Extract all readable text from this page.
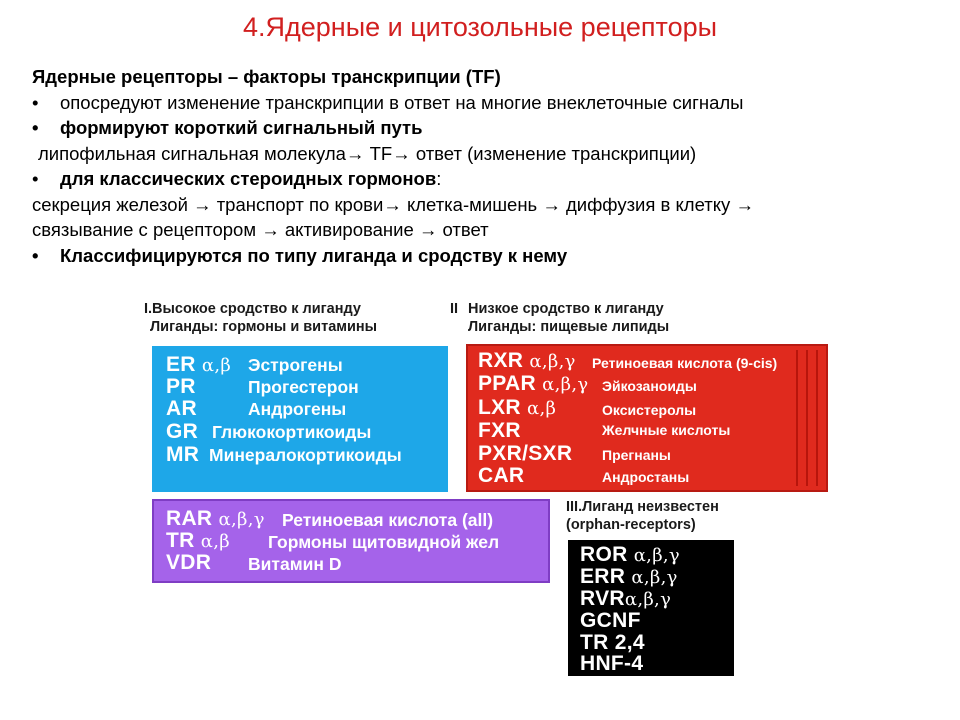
4.Ядерные и цитозольные рецепторы
Ядерные рецепторы – факторы транскрипции (TF)
• опосредуют изменение транскрипции в ответ на многие внеклеточные сигналы
• формируют короткий сигнальный путь
липофильная сигнальная молекула→ TF→ ответ (изменение транскрипции)
• для классических стероидных гормонов:
секреция железой → транспорт по крови→ клетка-мишень → диффузия в клетку →
связывание с рецептором → активирование → ответ
• Классифицируются по типу лиганда и сродству к нему
I.Высокое сродство к лиганду
Лиганды: гормоны и витамины
II Низкое сродство к лиганду
Лиганды: пищевые липиды
III.Лиганд неизвестен
(orphan-receptors)
ER α,β
PR
AR
GR
MR
Эстрогены
Прогестерон
Андрогены
Глюкокортикоиды
Минералокортикоиды
RXR α,β,γ
PPAR α,β,γ
LXR α,β
FXR
PXR/SXR
CAR
Ретиноевая кислота (9-cis)
Эйкозаноиды
Оксистеролы
Желчные кислоты
Прегнаны
Андростаны
RAR α,β,γ
TR α,β
VDR
Ретиноевая кислота (all)
Гормоны щитовидной жел
Витамин D	ROR α,β,γ
ERR α,β,γ
RVRα,β,γ
GCNF
TR 2,4
HNF-4
